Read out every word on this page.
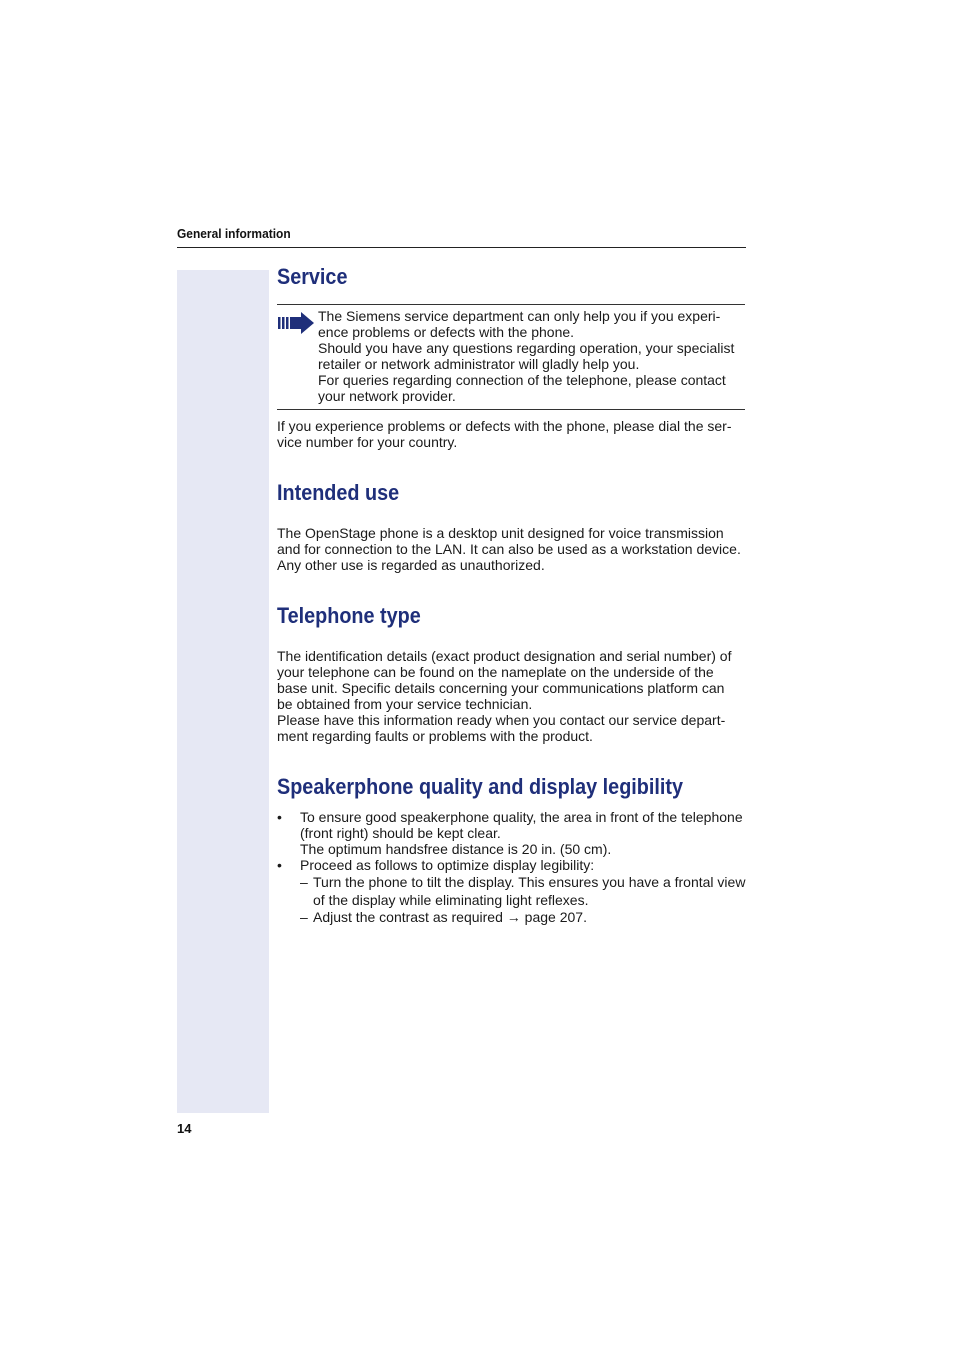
General information
14
Service
The Siemens service department can only help you if you experi-
ence problems or defects with the phone.
Should you have any questions regarding operation, your specialist
retailer or network administrator will gladly help you.
For queries regarding connection of the telephone, please contact
your network provider.

If you experience problems or defects with the phone, please dial the ser-

vice number for your country.

Intended use

The OpenStage phone is a desktop unit designed for voice transmission

and for connection to the LAN. It can also be used as a workstation device.

Any other use is regarded as unauthorized.

Telephone type

The identification details (exact product designation and serial number) of

your telephone can be found on the nameplate on the underside of the

base unit. Specific details concerning your communications platform can

be obtained from your service technician.

Please have this information ready when you contact our service depart-

ment regarding faults or problems with the product.

Speakerphone quality and display legibility
• To ensure good speakerphone quality, the area in front of the telephone
(front right) should be kept clear.
The optimum handsfree distance is 20 in. (50 cm).
• Proceed as follows to optimize display legibility:
– Turn the phone to tilt the display. This ensures you have a frontal view
of the display while eliminating light reflexes.
– Adjust the contrast as required → page 207.
